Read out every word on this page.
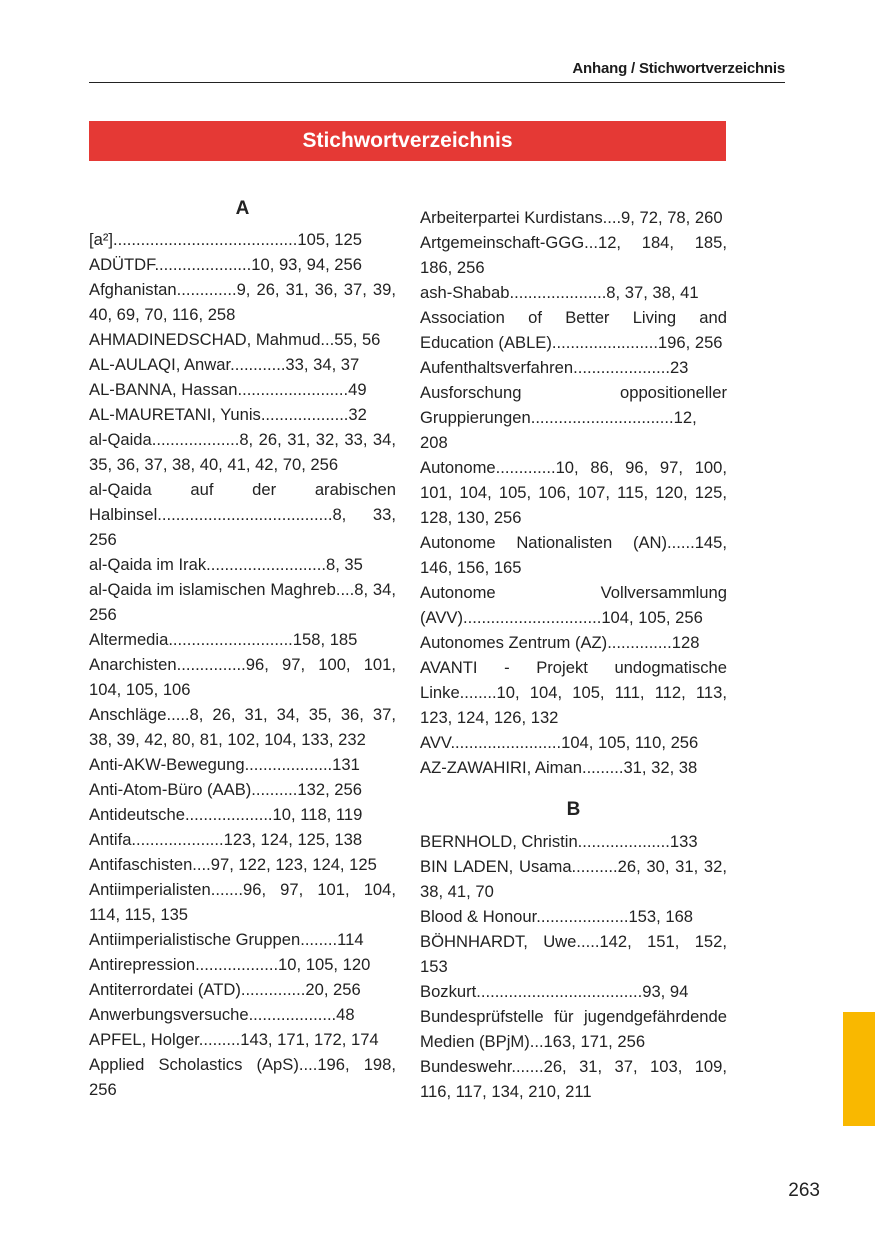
Anhang / Stichwortverzeichnis
Stichwortverzeichnis
A

[a²]........................................105, 125

ADÜTDF.....................10, 93, 94, 256

Afghanistan.............9, 26, 31, 36, 37, 39, 40, 69, 70, 116, 258

AHMADINEDSCHAD, Mahmud...55, 56

AL-AULAQI, Anwar............33, 34, 37

AL-BANNA, Hassan........................49

AL-MAURETANI, Yunis...................32

al-Qaida...................8, 26, 31, 32, 33, 34, 35, 36, 37, 38, 40, 41, 42, 70, 256

al-Qaida auf der arabischen Halbinsel......................................8, 33, 256

al-Qaida im Irak..........................8, 35

al-Qaida im islamischen Maghreb....8, 34, 256

Altermedia...........................158, 185

Anarchisten...............96, 97, 100, 101, 104, 105, 106

Anschläge.....8, 26, 31, 34, 35, 36, 37, 38, 39, 42, 80, 81, 102, 104, 133, 232

Anti-AKW-Bewegung...................131

Anti-Atom-Büro (AAB)..........132, 256

Antideutsche...................10, 118, 119

Antifa....................123, 124, 125, 138

Antifaschisten....97, 122, 123, 124, 125

Antiimperialisten.......96, 97, 101, 104, 114, 115, 135

Antiimperialistische Gruppen........114

Antirepression..................10, 105, 120

Antiterrordatei (ATD)..............20, 256

Anwerbungsversuche...................48

APFEL, Holger.........143, 171, 172, 174

Applied Scholastics (ApS)....196, 198, 256

Arbeiterpartei Kurdistans....9, 72, 78, 260

Artgemeinschaft-GGG...12, 184, 185, 186, 256

ash-Shabab.....................8, 37, 38, 41

Association of Better Living and Education (ABLE).......................196, 256

Aufenthaltsverfahren.....................23

Ausforschung oppositioneller Gruppierungen...............................12, 208

Autonome.............10, 86, 96, 97, 100, 101, 104, 105, 106, 107, 115, 120, 125, 128, 130, 256

Autonome Nationalisten (AN)......145, 146, 156, 165

Autonome Vollversammlung (AVV)..............................104, 105, 256

Autonomes Zentrum (AZ)..............128

AVANTI - Projekt undogmatische Linke........10, 104, 105, 111, 112, 113, 123, 124, 126, 132

AVV........................104, 105, 110, 256

AZ-ZAWAHIRI, Aiman.........31, 32, 38

B

BERNHOLD, Christin....................133

BIN LADEN, Usama..........26, 30, 31, 32, 38, 41, 70

Blood & Honour....................153, 168

BÖHNHARDT, Uwe.....142, 151, 152, 153

Bozkurt....................................93, 94

Bundesprüfstelle für jugendgefährdende Medien (BPjM)...163, 171, 256

Bundeswehr.......26, 31, 37, 103, 109, 116, 117, 134, 210, 211

263
